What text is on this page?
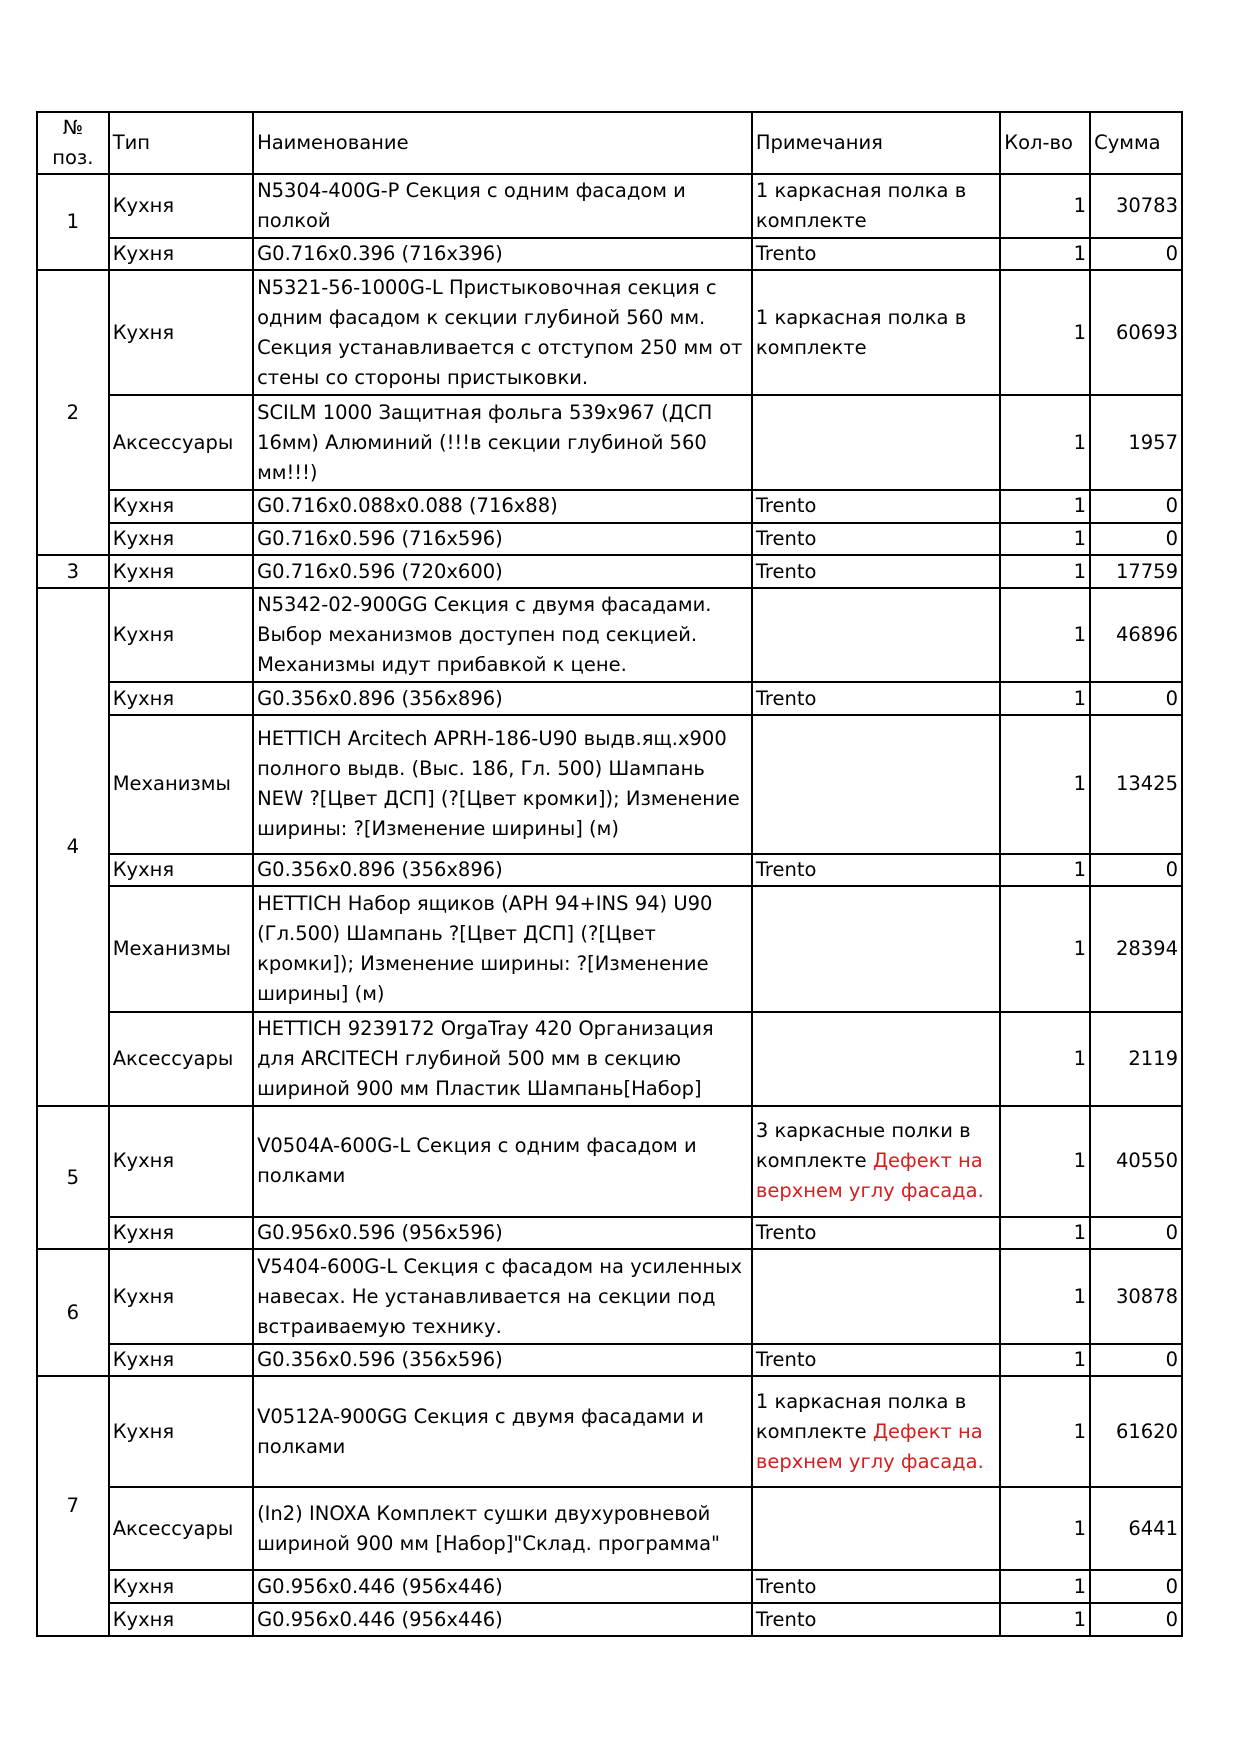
№ поз.	Тип	Наименование	Примечания	Кол-во	Сумма
1	Кухня	N5304-400G-P Секция с одним фасадом и полкой	1 каркасная полка в комплекте	1	30783
	Кухня	G0.716x0.396 (716x396)	Trento	1	0
2	Кухня	N5321-56-1000G-L Пристыковочная секция с одним фасадом к секции глубиной 560 мм. Секция устанавливается с отступом 250 мм от стены со стороны пристыковки.	1 каркасная полка в комплекте	1	60693
	Аксессуары	SCILM 1000 Защитная фольга 539х967 (ДСП 16мм) Алюминий (!!!в секции глубиной 560 мм!!!)		1	1957
	Кухня	G0.716x0.088x0.088 (716x88)	Trento	1	0
	Кухня	G0.716x0.596 (716x596)	Trento	1	0
3	Кухня	G0.716x0.596 (720x600)	Trento	1	17759
4	Кухня	N5342-02-900GG Секция с двумя фасадами. Выбор механизмов доступен под секцией. Механизмы идут прибавкой к цене.		1	46896
	Кухня	G0.356x0.896 (356x896)	Trento	1	0
	Механизмы	HETTICH Arcitech APRH-186-U90 выдв.ящ.x900 полного выдв. (Выс. 186, Гл. 500) Шампань NEW ?[Цвет ДСП] (?[Цвет кромки]); Изменение ширины: ?[Изменение ширины] (м)		1	13425
	Кухня	G0.356x0.896 (356x896)	Trento	1	0
	Механизмы	HETTICH Набор ящиков (APH 94+INS 94) U90 (Гл.500) Шампань ?[Цвет ДСП] (?[Цвет кромки]); Изменение ширины: ?[Изменение ширины] (м)		1	28394
	Аксессуары	HETTICH 9239172 OrgaTray 420 Организация для ARCITECH глубиной 500 мм в секцию шириной 900 мм Пластик Шампань[Набор]		1	2119
5	Кухня	V0504A-600G-L Секция с одним фасадом и полками	3 каркасные полки в комплекте Дефект на верхнем углу фасада.	1	40550
	Кухня	G0.956x0.596 (956x596)	Trento	1	0
6	Кухня	V5404-600G-L Секция с фасадом на усиленных навесах. Не устанавливается на секции под встраиваемую технику.		1	30878
	Кухня	G0.356x0.596 (356x596)	Trento	1	0
7	Кухня	V0512A-900GG Секция с двумя фасадами и полками	1 каркасная полка в комплекте Дефект на верхнем углу фасада.	1	61620
	Аксессуары	(In2) INOXA Комплект сушки двухуровневой шириной 900 мм [Набор]"Склад. программа"		1	6441
	Кухня	G0.956x0.446 (956x446)	Trento	1	0
	Кухня	G0.956x0.446 (956x446)	Trento	1	0
